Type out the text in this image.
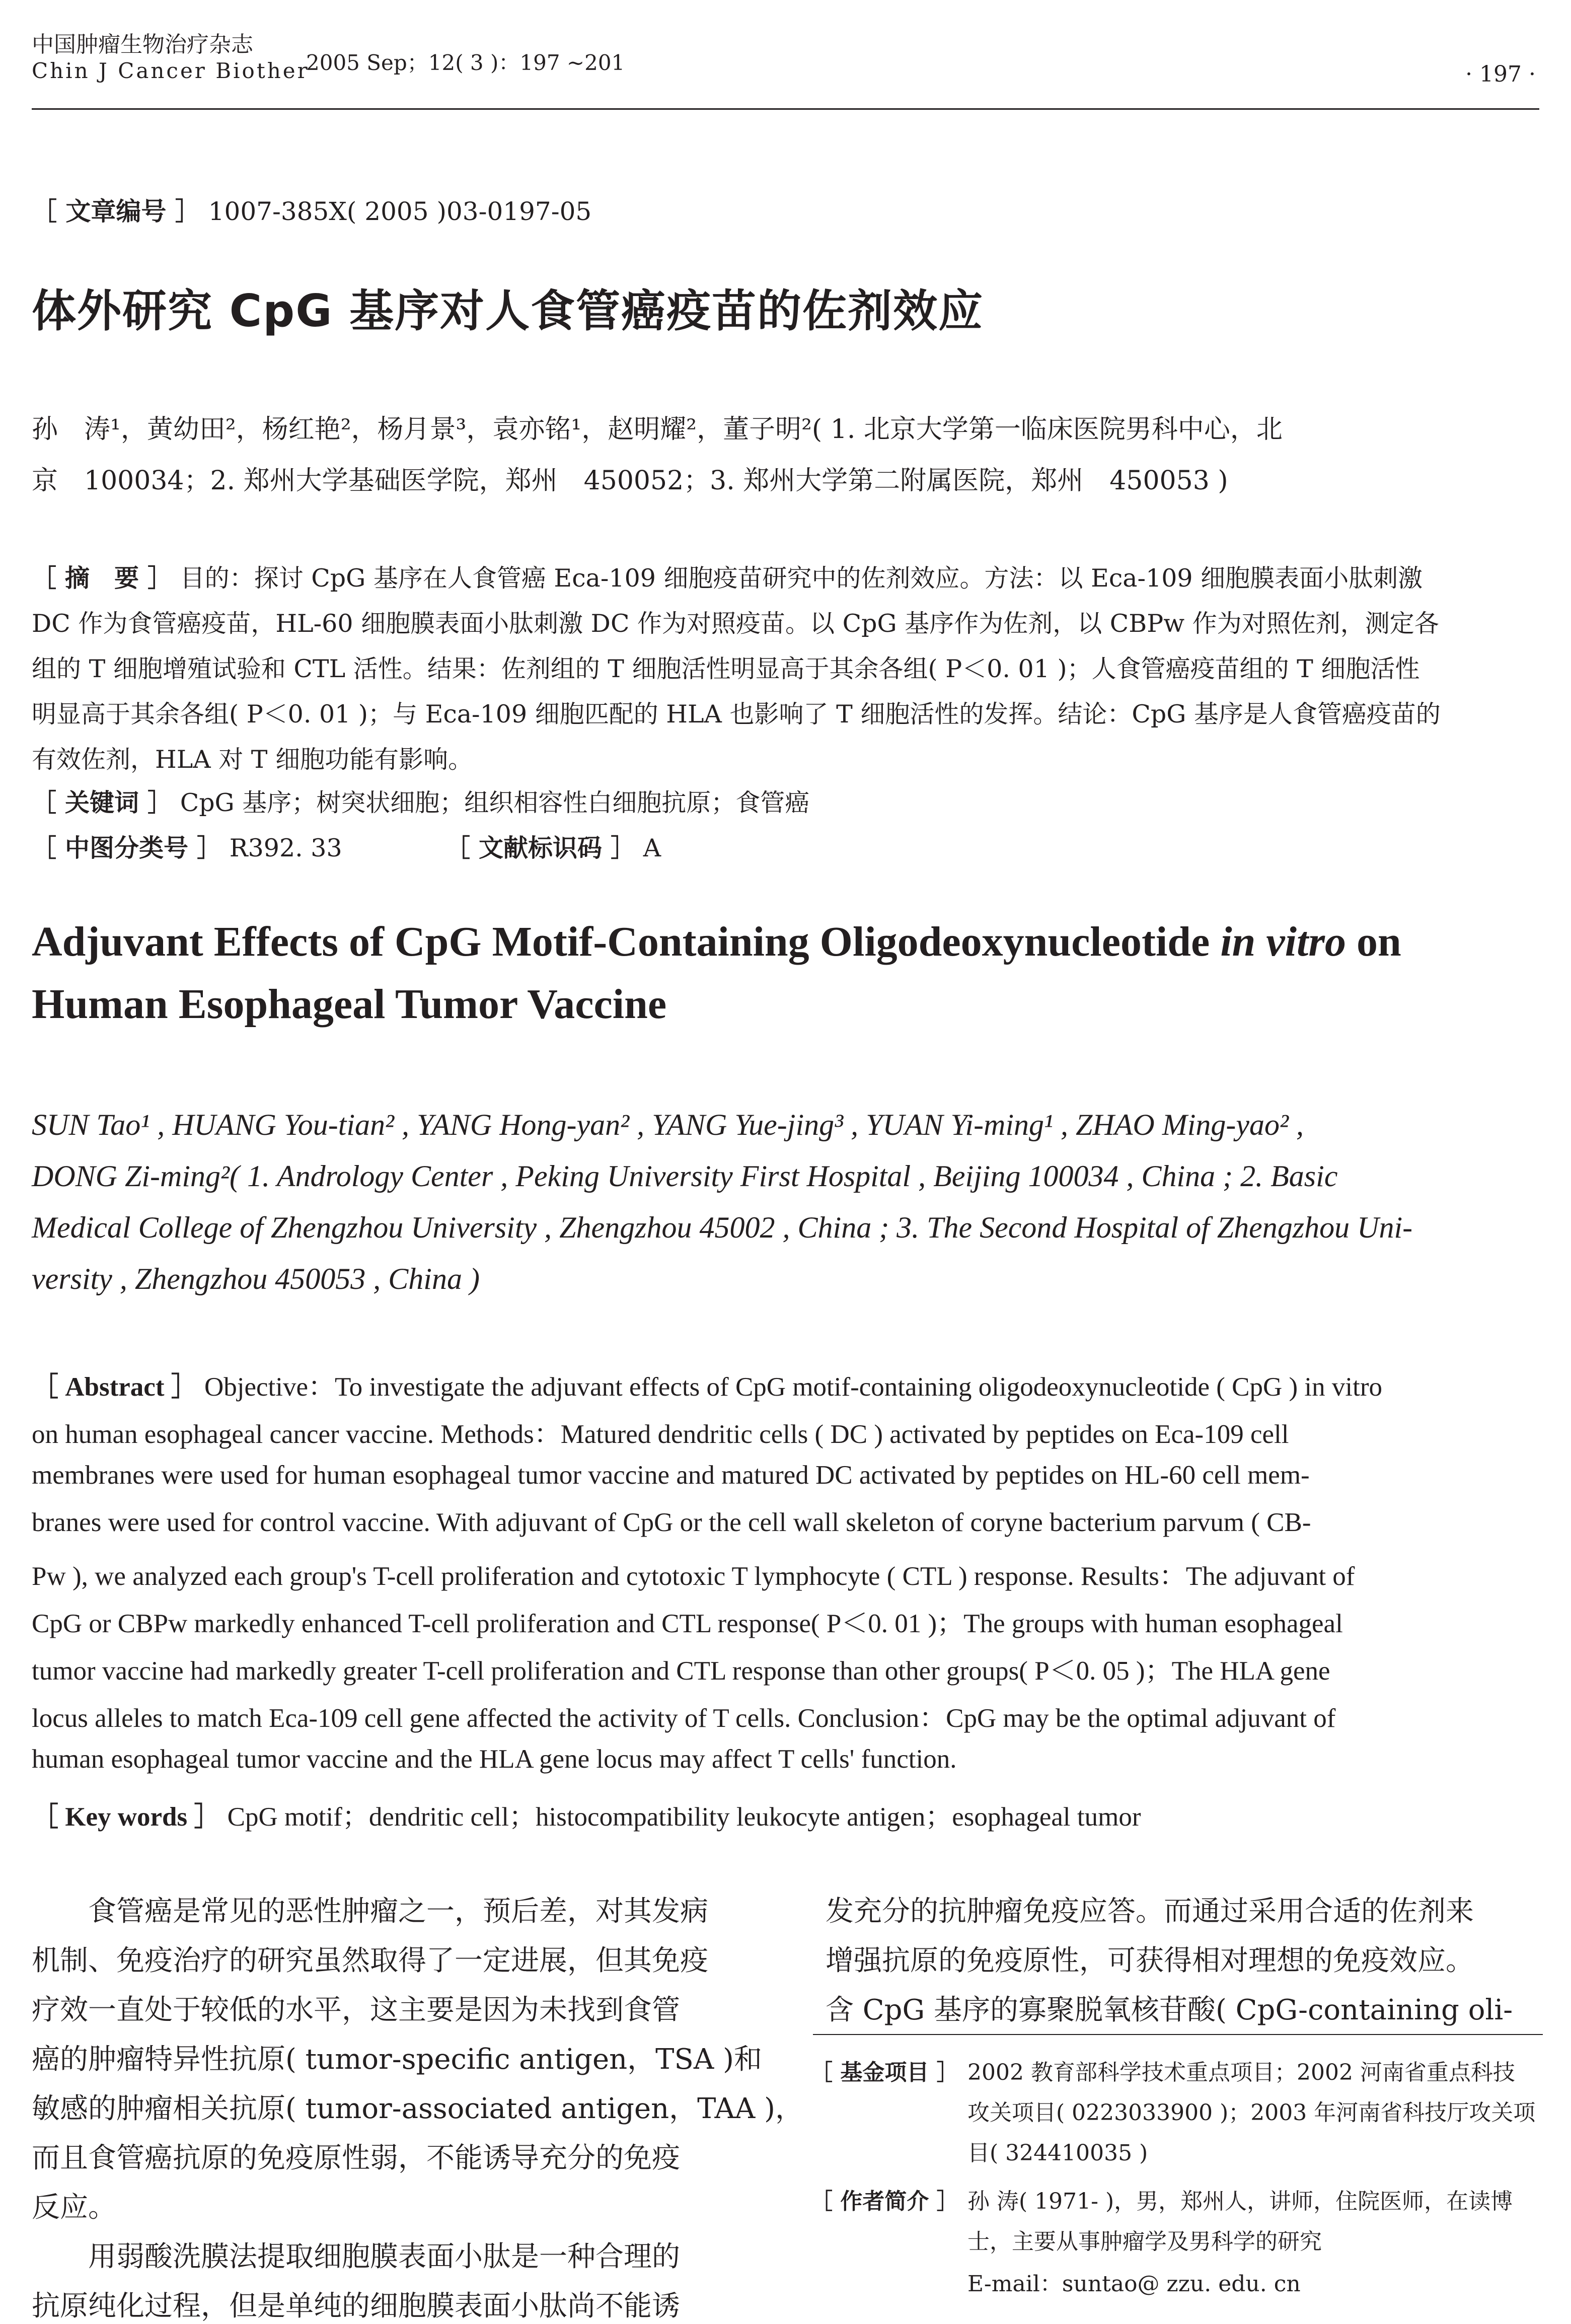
中国肿瘤生物治疗杂志
Chin J Cancer Biother
2005 Sep；12( 3 )：197 ~201	· 197 ·
［ 文章编号 ］ 1007-385X( 2005 )03-0197-05
体外研究 CpG 基序对人食管癌疫苗的佐剂效应
孙　涛¹，黄幼田²，杨红艳²，杨月景³，袁亦铭¹，赵明耀²，董子明²( 1. 北京大学第一临床医院男科中心，北
京　100034；2. 郑州大学基础医学院，郑州　450052；3. 郑州大学第二附属医院，郑州　450053 )
［ 摘　要 ］ 目的：探讨 CpG 基序在人食管癌 Eca-109 细胞疫苗研究中的佐剂效应。方法：以 Eca-109 细胞膜表面小肽刺激
DC 作为食管癌疫苗，HL-60 细胞膜表面小肽刺激 DC 作为对照疫苗。以 CpG 基序作为佐剂，以 CBPw 作为对照佐剂，测定各
组的 T 细胞增殖试验和 CTL 活性。结果：佐剂组的 T 细胞活性明显高于其余各组( P＜0. 01 )；人食管癌疫苗组的 T 细胞活性
明显高于其余各组( P＜0. 01 )；与 Eca-109 细胞匹配的 HLA 也影响了 T 细胞活性的发挥。结论：CpG 基序是人食管癌疫苗的
有效佐剂，HLA 对 T 细胞功能有影响。
［ 关键词 ］ CpG 基序；树突状细胞；组织相容性白细胞抗原；食管癌
［ 中图分类号 ］ R392. 33	［ 文献标识码 ］ A
Adjuvant Effects of CpG Motif-Containing Oligodeoxynucleotide in vitro on
Human Esophageal Tumor Vaccine
SUN Tao¹ , HUANG You-tian² , YANG Hong-yan² , YANG Yue-jing³ , YUAN Yi-ming¹ , ZHAO Ming-yao² ,
DONG Zi-ming²( 1. Andrology Center , Peking University First Hospital , Beijing 100034 , China ; 2. Basic
Medical College of Zhengzhou University , Zhengzhou 45002 , China ; 3. The Second Hospital of Zhengzhou Uni-
versity , Zhengzhou 450053 , China )
［ Abstract ］ Objective：To investigate the adjuvant effects of CpG motif-containing oligodeoxynucleotide ( CpG ) in vitro
on human esophageal cancer vaccine. Methods：Matured dendritic cells ( DC ) activated by peptides on Eca-109 cell
membranes were used for human esophageal tumor vaccine and matured DC activated by peptides on HL-60 cell mem-
branes were used for control vaccine. With adjuvant of CpG or the cell wall skeleton of coryne bacterium parvum ( CB-
Pw ), we analyzed each group's T-cell proliferation and cytotoxic T lymphocyte ( CTL ) response. Results：The adjuvant of
CpG or CBPw markedly enhanced T-cell proliferation and CTL response( P＜0. 01 )；The groups with human esophageal
tumor vaccine had markedly greater T-cell proliferation and CTL response than other groups( P＜0. 05 )；The HLA gene
locus alleles to match Eca-109 cell gene affected the activity of T cells. Conclusion：CpG may be the optimal adjuvant of
human esophageal tumor vaccine and the HLA gene locus may affect T cells' function.
［ Key words ］ CpG motif；dendritic cell；histocompatibility leukocyte antigen；esophageal tumor
　　食管癌是常见的恶性肿瘤之一，预后差，对其发病
机制、免疫治疗的研究虽然取得了一定进展，但其免疫
疗效一直处于较低的水平，这主要是因为未找到食管
癌的肿瘤特异性抗原( tumor-specific antigen，TSA )和
敏感的肿瘤相关抗原( tumor-associated antigen，TAA )，
而且食管癌抗原的免疫原性弱，不能诱导充分的免疫
反应。
　　用弱酸洗膜法提取细胞膜表面小肽是一种合理的
抗原纯化过程，但是单纯的细胞膜表面小肽尚不能诱
发充分的抗肿瘤免疫应答。而通过采用合适的佐剂来
增强抗原的免疫原性，可获得相对理想的免疫效应。
含 CpG 基序的寡聚脱氧核苷酸( CpG-containing oli-
［ 基金项目 ］ 2002 教育部科学技术重点项目；2002 河南省重点科技
攻关项目( 0223033900 )；2003 年河南省科技厅攻关项
目( 324410035 )
［ 作者简介 ］ 孙 涛( 1971- )，男，郑州人，讲师，住院医师，在读博
士，主要从事肿瘤学及男科学的研究
E-mail：suntao@ zzu. edu. cn
